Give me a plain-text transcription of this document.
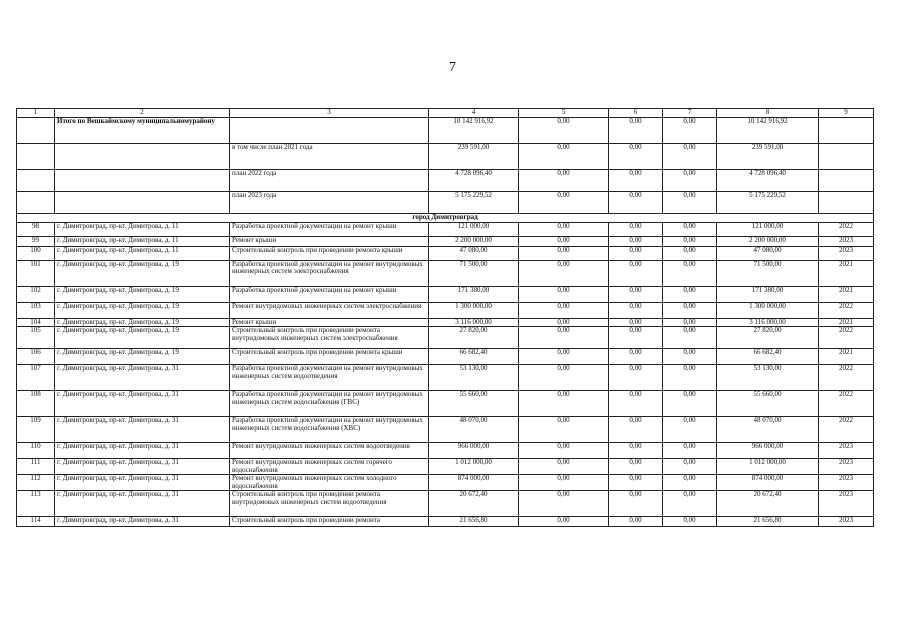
7
1	2	3	4	5	6	7	8	9
	Итого по Вешкаймскому муниципальномурайону		10 142 916,92	0,00	0,00	0,00	10 142 916,92	
		в том числе план 2021 года	239 591,00	0,00	0,00	0,00	239 591,00	
		план 2022 года	4 728 096,40	0,00	0,00	0,00	4 728 096,40	
		план 2023 года	5 175 229,52	0,00	0,00	0,00	5 175 229,52	
город Димитровград								
98	г. Димитровград, пр-кт. Димитрова, д. 11	Разработка проектной документации на ремонт крыши	121 000,00	0,00	0,00	0,00	121 000,00	2022
99	г. Димитровград, пр-кт. Димитрова, д. 11	Ремонт крыши	2 200 000,00	0,00	0,00	0,00	2 200 000,00	2023
100	г. Димитровград, пр-кт. Димитрова, д. 11	Строительный контроль при проведении ремонта крыши	47 080,00	0,00	0,00	0,00	47 080,00	2023
101	г. Димитровград, пр-кт. Димитрова, д. 19	Разработка проектной документации на ремонт внутридомовых инженерных систем электроснабжения	71 500,00	0,00	0,00	0,00	71 500,00	2021
102	г. Димитровград, пр-кт. Димитрова, д. 19	Разработка проектной документации на ремонт крыши	171 380,00	0,00	0,00	0,00	171 380,00	2021
103	г. Димитровград, пр-кт. Димитрова, д. 19	Ремонт внутридомовых инженерных систем электроснабжения	1 300 000,00	0,00	0,00	0,00	1 300 000,00	2022
104	г. Димитровград, пр-кт. Димитрова, д. 19	Ремонт крыши	3 116 000,00	0,00	0,00	0,00	3 116 000,00	2021
105	г. Димитровград, пр-кт. Димитрова, д. 19	Строительный контроль при проведении ремонта внутридомовых инженерных систем электроснабжения	27 820,00	0,00	0,00	0,00	27 820,00	2022
106	г. Димитровград, пр-кт. Димитрова, д. 19	Строительный контроль при проведении ремонта крыши	66 682,40	0,00	0,00	0,00	66 682,40	2021
107	г. Димитровград, пр-кт. Димитрова, д. 31	Разработка проектной документации на ремонт внутридомовых инженерных систем водоотведения	53 130,00	0,00	0,00	0,00	53 130,00	2022
108	г. Димитровград, пр-кт. Димитрова, д. 31	Разработка проектной документации на ремонт внутридомовых инженерных систем водоснабжения (ГВС)	55 660,00	0,00	0,00	0,00	55 660,00	2022
109	г. Димитровград, пр-кт. Димитрова, д. 31	Разработка проектной документации на ремонт внутридомовых инженерных систем водоснабжения (ХВС)	48 070,00	0,00	0,00	0,00	48 070,00	2022
110	г. Димитровград, пр-кт. Димитрова, д. 31	Ремонт внутридомовых инженерных систем водоотведения	966 000,00	0,00	0,00	0,00	966 000,00	2023
111	г. Димитровград, пр-кт. Димитрова, д. 31	Ремонт внутридомовых инженерных систем горячего водоснабжения	1 012 000,00	0,00	0,00	0,00	1 012 000,00	2023
112	г. Димитровград, пр-кт. Димитрова, д. 31	Ремонт внутридомовых инженерных систем холодного водоснабжения	874 000,00	0,00	0,00	0,00	874 000,00	2023
113	г. Димитровград, пр-кт. Димитрова, д. 31	Строительный контроль при проведении ремонта внутридомовых инженерных систем водоотведения	20 672,40	0,00	0,00	0,00	20 672,40	2023
114	г. Димитровград, пр-кт. Димитрова, д. 31	Строительный контроль при проведении ремонта	21 656,80	0,00	0,00	0,00	21 656,80	2023
